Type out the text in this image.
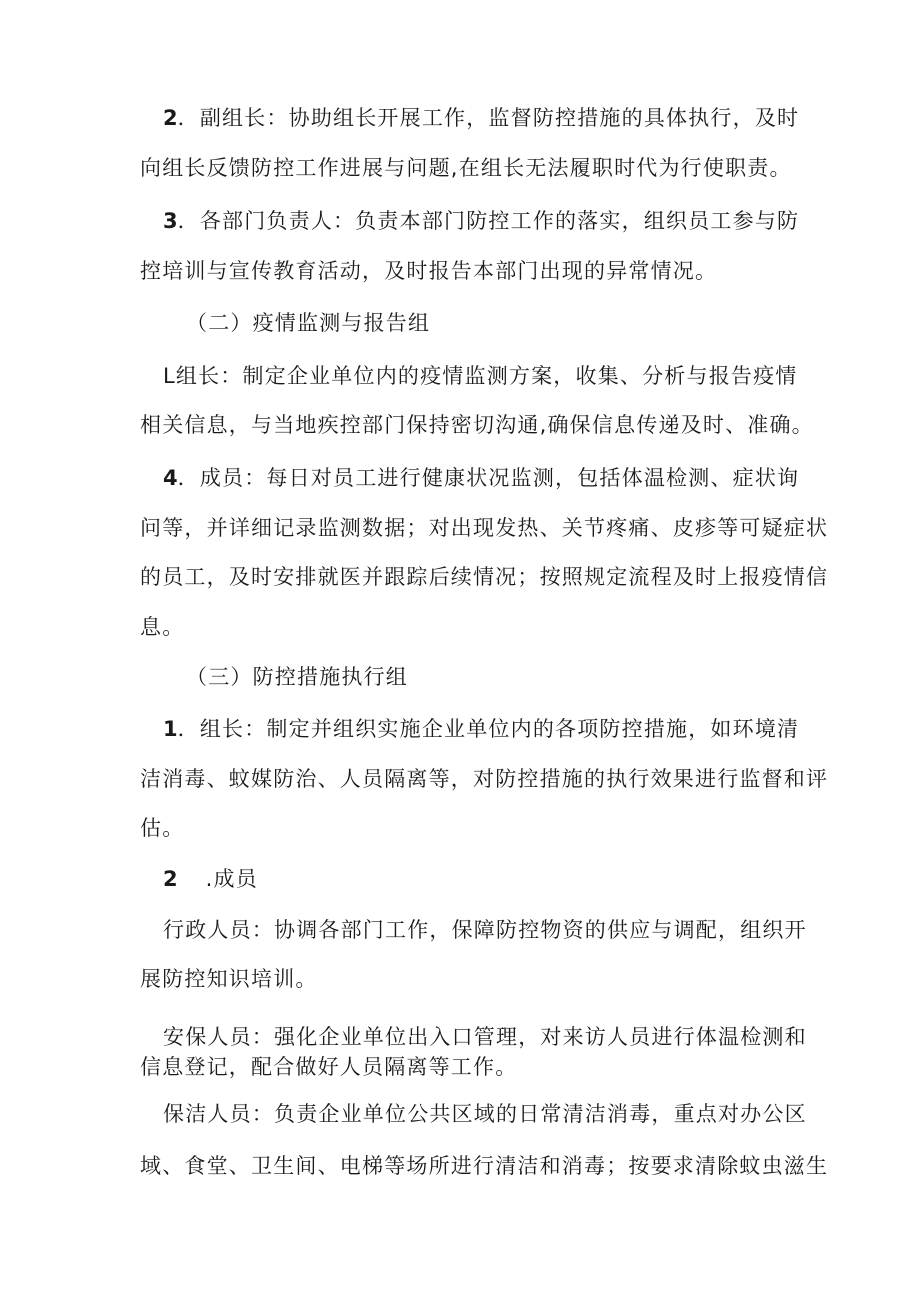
2．副组长：协助组长开展工作，监督防控措施的具体执行，及时
向组长反馈防控工作进展与问题,在组长无法履职时代为行使职责。
3．各部门负责人：负责本部门防控工作的落实，组织员工参与防
控培训与宣传教育活动，及时报告本部门出现的异常情况。
（二）疫情监测与报告组
L组长：制定企业单位内的疫情监测方案，收集、分析与报告疫情
相关信息，与当地疾控部门保持密切沟通,确保信息传递及时、准确。
4．成员：每日对员工进行健康状况监测，包括体温检测、症状询
问等，并详细记录监测数据；对出现发热、关节疼痛、皮疹等可疑症状
的员工，及时安排就医并跟踪后续情况；按照规定流程及时上报疫情信
息。
（三）防控措施执行组
1．组长：制定并组织实施企业单位内的各项防控措施，如环境清
洁消毒、蚊媒防治、人员隔离等，对防控措施的执行效果进行监督和评
估。
2 .成员
行政人员：协调各部门工作，保障防控物资的供应与调配，组织开
展防控知识培训。
安保人员：强化企业单位出入口管理，对来访人员进行体温检测和
信息登记，配合做好人员隔离等工作。
保洁人员：负责企业单位公共区域的日常清洁消毒，重点对办公区
域、食堂、卫生间、电梯等场所进行清洁和消毒；按要求清除蚊虫滋生
